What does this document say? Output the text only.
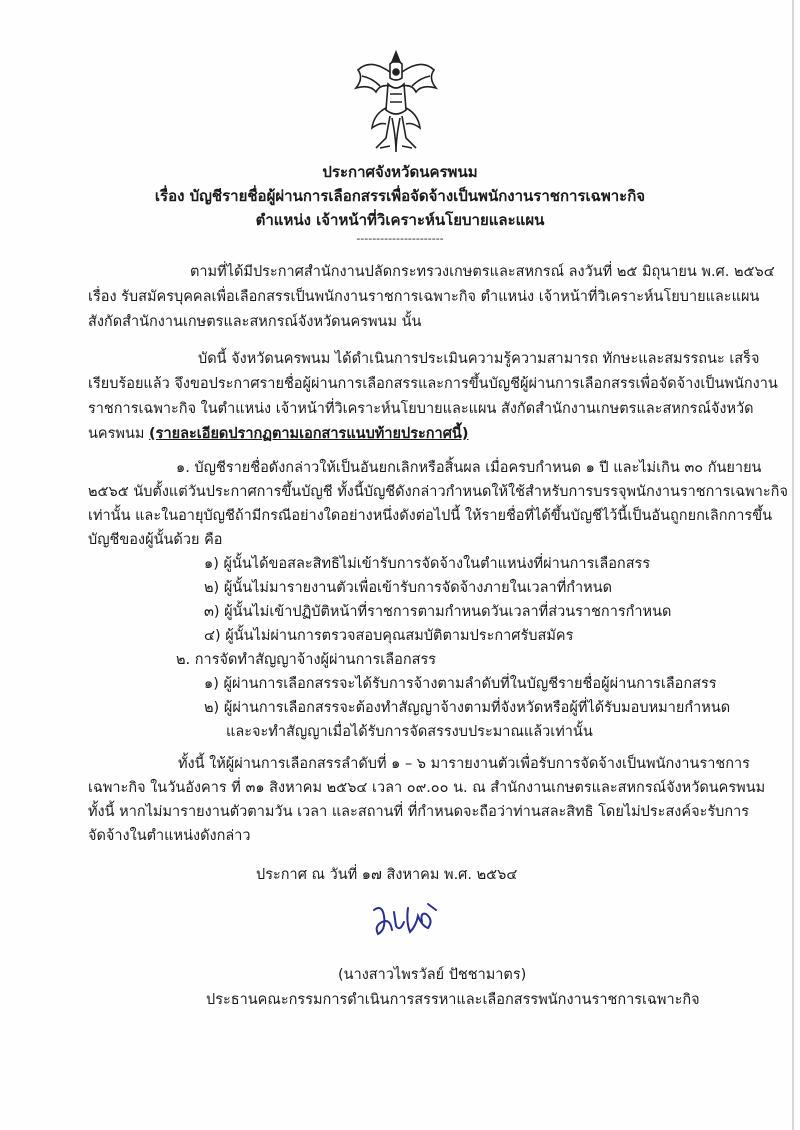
ประกาศจังหวัดนครพนม
เรื่อง บัญชีรายชื่อผู้ผ่านการเลือกสรรเพื่อจัดจ้างเป็นพนักงานราชการเฉพาะกิจ
ตำแหน่ง เจ้าหน้าที่วิเคราะห์นโยบายและแผน
----------------------
ตามที่ได้มีประกาศสำนักงานปลัดกระทรวงเกษตรและสหกรณ์ ลงวันที่ ๒๕ มิถุนายน พ.ศ. ๒๕๖๔
เรื่อง รับสมัครบุคคลเพื่อเลือกสรรเป็นพนักงานราชการเฉพาะกิจ ตำแหน่ง เจ้าหน้าที่วิเคราะห์นโยบายและแผน
สังกัดสำนักงานเกษตรและสหกรณ์จังหวัดนครพนม นั้น
บัดนี้ จังหวัดนครพนม ได้ดำเนินการประเมินความรู้ความสามารถ ทักษะและสมรรถนะ เสร็จ
เรียบร้อยแล้ว จึงขอประกาศรายชื่อผู้ผ่านการเลือกสรรและการขึ้นบัญชีผู้ผ่านการเลือกสรรเพื่อจัดจ้างเป็นพนักงาน
ราชการเฉพาะกิจ ในตำแหน่ง เจ้าหน้าที่วิเคราะห์นโยบายและแผน สังกัดสำนักงานเกษตรและสหกรณ์จังหวัด
นครพนม (รายละเอียดปรากฏตามเอกสารแนบท้ายประกาศนี้)
๑. บัญชีรายชื่อดังกล่าวให้เป็นอันยกเลิกหรือสิ้นผล เมื่อครบกำหนด ๑ ปี และไม่เกิน ๓๐ กันยายน
๒๕๖๕ นับตั้งแต่วันประกาศการขึ้นบัญชี ทั้งนี้บัญชีดังกล่าวกำหนดให้ใช้สำหรับการบรรจุพนักงานราชการเฉพาะกิจ
เท่านั้น และในอายุบัญชีถ้ามีกรณีอย่างใดอย่างหนึ่งดังต่อไปนี้ ให้รายชื่อที่ได้ขึ้นบัญชีไว้นี้เป็นอันถูกยกเลิกการขึ้น
บัญชีของผู้นั้นด้วย คือ
๑) ผู้นั้นได้ขอสละสิทธิไม่เข้ารับการจัดจ้างในตำแหน่งที่ผ่านการเลือกสรร
๒) ผู้นั้นไม่มารายงานตัวเพื่อเข้ารับการจัดจ้างภายในเวลาที่กำหนด
๓) ผู้นั้นไม่เข้าปฏิบัติหน้าที่ราชการตามกำหนดวันเวลาที่ส่วนราชการกำหนด
๔) ผู้นั้นไม่ผ่านการตรวจสอบคุณสมบัติตามประกาศรับสมัคร
๒. การจัดทำสัญญาจ้างผู้ผ่านการเลือกสรร
๑) ผู้ผ่านการเลือกสรรจะได้รับการจ้างตามลำดับที่ในบัญชีรายชื่อผู้ผ่านการเลือกสรร
๒) ผู้ผ่านการเลือกสรรจะต้องทำสัญญาจ้างตามที่จังหวัดหรือผู้ที่ได้รับมอบหมายกำหนด
และจะทำสัญญาเมื่อได้รับการจัดสรรงบประมาณแล้วเท่านั้น
ทั้งนี้ ให้ผู้ผ่านการเลือกสรรลำดับที่ ๑ – ๖ มารายงานตัวเพื่อรับการจัดจ้างเป็นพนักงานราชการ
เฉพาะกิจ ในวันอังคาร ที่ ๓๑ สิงหาคม ๒๕๖๔ เวลา ๐๙.๐๐ น. ณ สำนักงานเกษตรและสหกรณ์จังหวัดนครพนม
ทั้งนี้ หากไม่มารายงานตัวตามวัน เวลา และสถานที่ ที่กำหนดจะถือว่าท่านสละสิทธิ โดยไม่ประสงค์จะรับการ
จัดจ้างในตำแหน่งดังกล่าว
ประกาศ ณ วันที่ ๑๗ สิงหาคม พ.ศ. ๒๕๖๔
(นางสาวไพรวัลย์ ปัชชามาตร)
ประธานคณะกรรมการดำเนินการสรรหาและเลือกสรรพนักงานราชการเฉพาะกิจ
